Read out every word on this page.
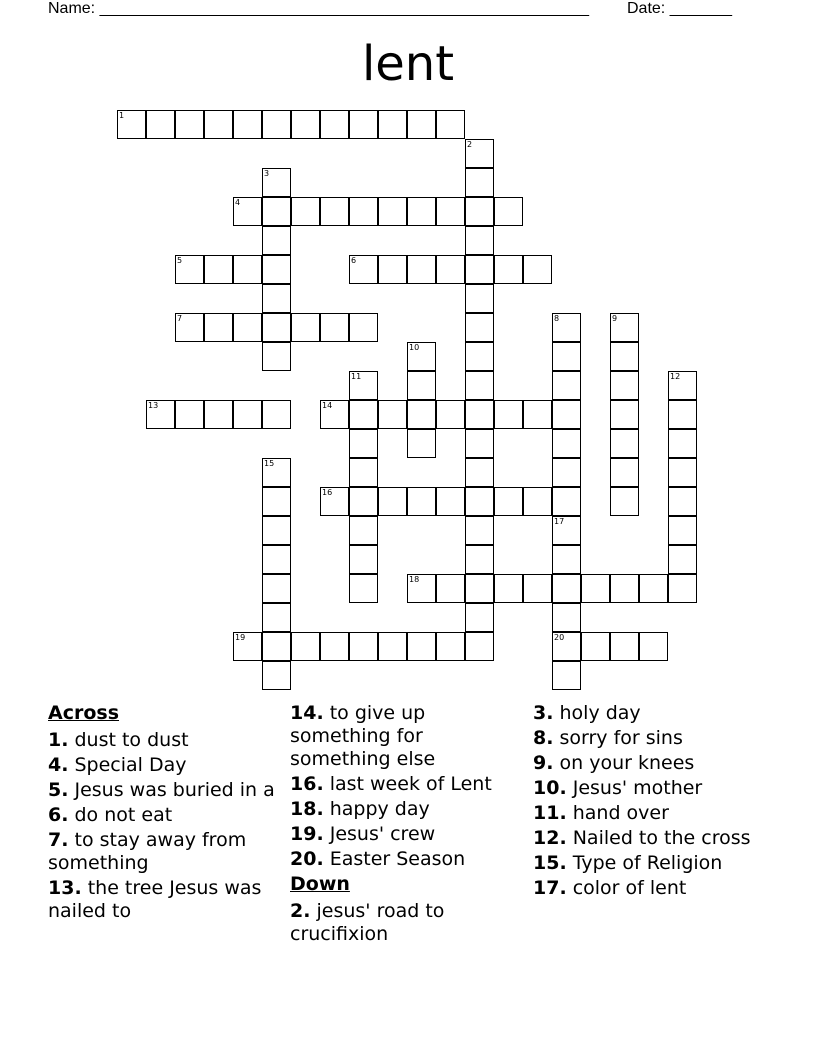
Name: _______________________________________________________ Date: _______
lent
1
2
3
4
5	6
7	8	9
10
11	12
13	14
15
16
17
20
18
19
Across
1. dust to dust
4. Special Day
5. Jesus was buried in a
6. do not eat
7. to stay away from something
13. the tree Jesus was nailed to
14. to give up something for something else
16. last week of Lent
18. happy day
19. Jesus' crew
20. Easter Season
Down
2. jesus' road to crucifixion
3. holy day
8. sorry for sins
9. on your knees
10. Jesus' mother
11. hand over
12. Nailed to the cross
15. Type of Religion
17. color of lent
